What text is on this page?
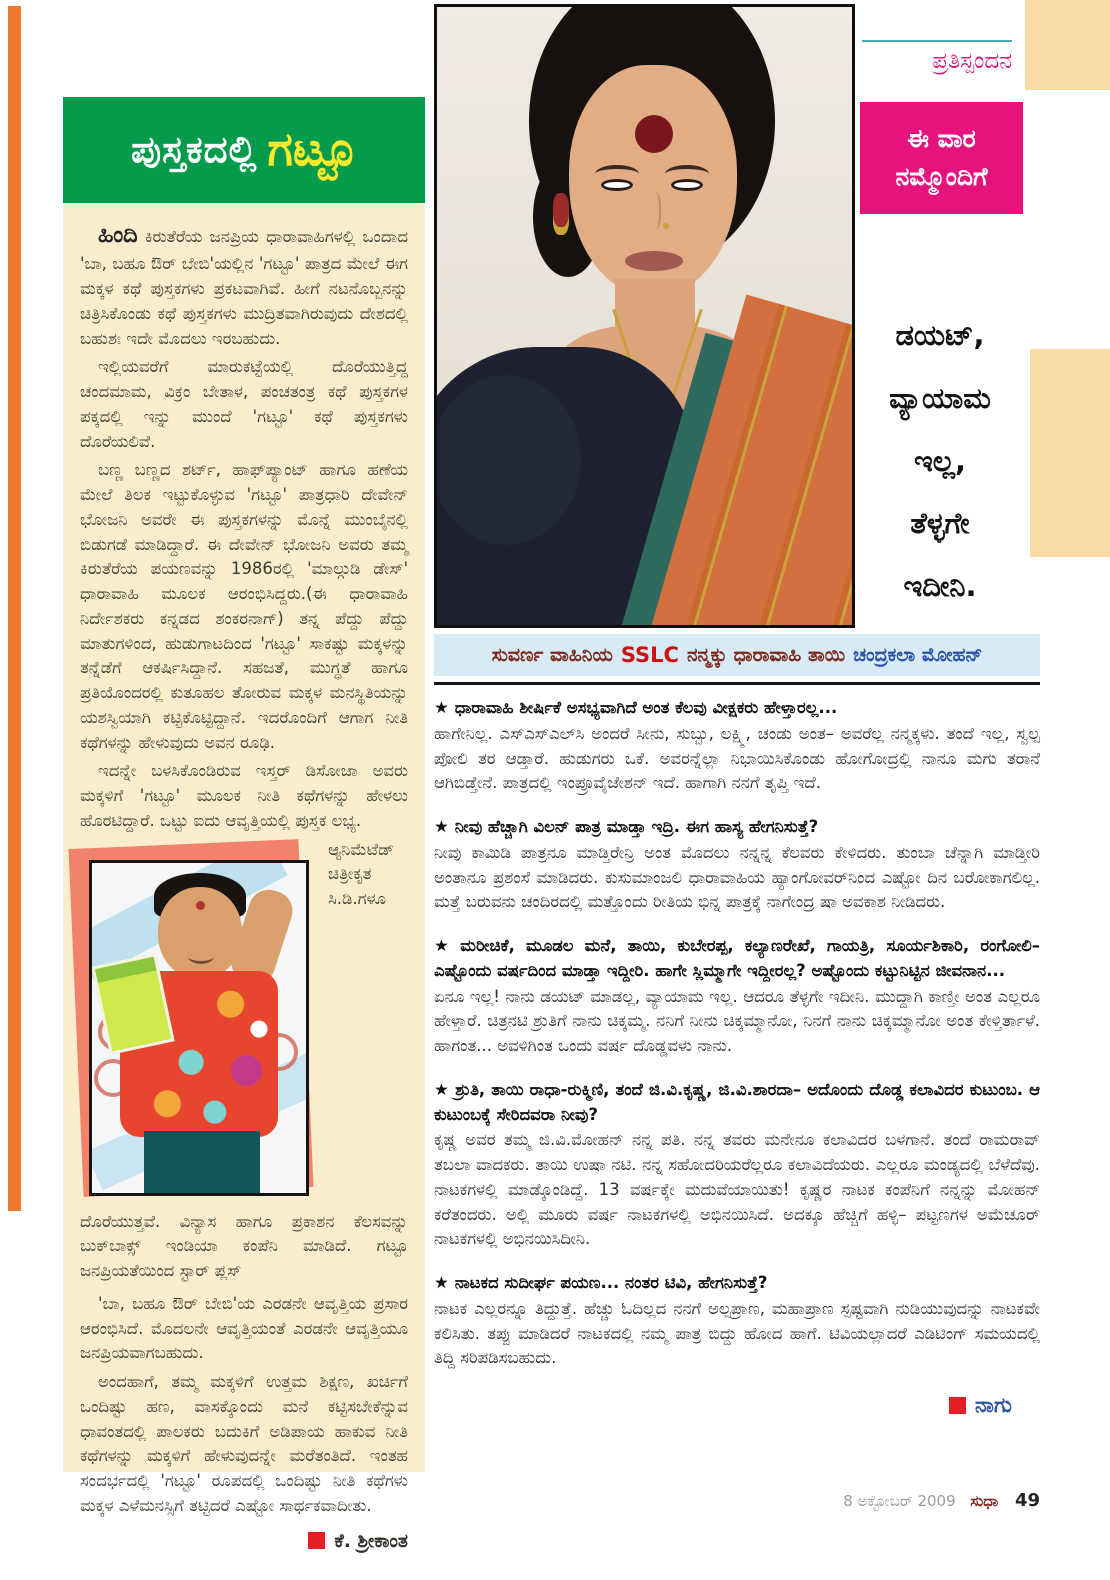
ಪುಸ್ತಕದಲ್ಲಿ ಗಟ್ಟೂ

ಹಿಂದಿ ಕಿರುತೆರೆಯ ಜನಪ್ರಿಯ ಧಾರಾವಾಹಿಗಳಲ್ಲಿ ಒಂದಾದ 'ಬಾ, ಬಹೂ ಔರ್ ಬೇಬಿ'ಯಲ್ಲಿನ 'ಗಟ್ಟೂ' ಪಾತ್ರದ ಮೇಲೆ ಈಗ ಮಕ್ಕಳ ಕಥೆ ಪುಸ್ತಕಗಳು ಪ್ರಕಟವಾಗಿವೆ. ಹೀಗೆ ನಟನೊಬ್ಬನನ್ನು ಚಿತ್ರಿಸಿಕೊಂಡು ಕಥೆ ಪುಸ್ತಕಗಳು ಮುದ್ರಿತವಾಗಿರುವುದು ದೇಶದಲ್ಲಿ ಬಹುಶಃ ಇದೇ ಮೊದಲು ಇರಬಹುದು.

ಇಲ್ಲಿಯವರೆಗೆ ಮಾರುಕಟ್ಟೆಯಲ್ಲಿ ದೊರೆಯುತ್ತಿದ್ದ ಚಂದಮಾಮ, ವಿಕ್ರಂ ಬೇತಾಳ, ಪಂಚತಂತ್ರ ಕಥೆ ಪುಸ್ತಕಗಳ ಪಕ್ಕದಲ್ಲಿ ಇನ್ನು ಮುಂದೆ 'ಗಟ್ಟೂ' ಕಥೆ ಪುಸ್ತಕಗಳು ದೊರೆಯಲಿವೆ.

ಬಣ್ಣ ಬಣ್ಣದ ಶರ್ಟ್, ಹಾಫ್‌ಪ್ಯಾಂಟ್ ಹಾಗೂ ಹಣೆಯ ಮೇಲೆ ತಿಲಕ ಇಟ್ಟುಕೊಳ್ಳುವ 'ಗಟ್ಟೂ' ಪಾತ್ರಧಾರಿ ದೇವೇನ್ ಭೋಜನಿ ಅವರೇ ಈ ಪುಸ್ತಕಗಳನ್ನು ಮೊನ್ನೆ ಮುಂಬೈನಲ್ಲಿ ಬಿಡುಗಡೆ ಮಾಡಿದ್ದಾರೆ. ಈ ದೇವೇನ್ ಭೋಜನಿ ಅವರು ತಮ್ಮ ಕಿರುತೆರೆಯ ಪಯಣವನ್ನು 1986ರಲ್ಲಿ 'ಮಾಲ್ಗುಡಿ ಡೇಸ್' ಧಾರಾವಾಹಿ ಮೂಲಕ ಆರಂಭಿಸಿದ್ದರು.(ಈ ಧಾರಾವಾಹಿ ನಿರ್ದೇಶಕರು ಕನ್ನಡದ ಶಂಕರನಾಗ್) ತನ್ನ ಪೆದ್ದು ಪೆದ್ದು ಮಾತುಗಳಿಂದ, ಹುಡುಗಾಟದಿಂದ 'ಗಟ್ಟೂ' ಸಾಕಷ್ಟು ಮಕ್ಕಳನ್ನು ತನ್ನೆಡೆಗೆ ಆಕರ್ಷಿಸಿದ್ದಾನೆ. ಸಹಜತೆ, ಮುಗ್ಧತೆ ಹಾಗೂ ಪ್ರತಿಯೊಂದರಲ್ಲಿ ಕುತೂಹಲ ತೋರುವ ಮಕ್ಕಳ ಮನಸ್ಥಿತಿಯನ್ನು ಯಶಸ್ವಿಯಾಗಿ ಕಟ್ಟಿಕೊಟ್ಟಿದ್ದಾನೆ. ಇದರೊಂದಿಗೆ ಆಗಾಗ ನೀತಿ ಕಥೆಗಳನ್ನು ಹೇಳುವುದು ಅವನ ರೂಢಿ.

ಇದನ್ನೇ ಬಳಸಿಕೊಂಡಿರುವ ಇಸ್ತರ್ ಡಿಸೋಜಾ ಅವರು ಮಕ್ಕಳಿಗೆ 'ಗಟ್ಟೂ' ಮೂಲಕ ನೀತಿ ಕಥೆಗಳನ್ನು ಹೇಳಲು ಹೊರಟಿದ್ದಾರೆ. ಒಟ್ಟು ಐದು ಆವೃತ್ತಿಯಲ್ಲಿ ಪುಸ್ತಕ ಲಭ್ಯ.

ಆ್ಯನಿಮೆಟೆಡ್ ಚಿತ್ರೀಕೃತ ಸಿ.ಡಿ.ಗಳೂ ದೊರೆಯುತ್ತವೆ. ವಿನ್ಯಾಸ ಹಾಗೂ ಪ್ರಕಾಶನ ಕೆಲಸವನ್ನು ಬುಕ್‌ಬಾಕ್ಸ್ ಇಂಡಿಯಾ ಕಂಪೆನಿ ಮಾಡಿದೆ. ಗಟ್ಟೂ ಜನಪ್ರಿಯತೆಯಿಂದ ಸ್ಟಾರ್ ಪ್ಲಸ್

'ಬಾ, ಬಹೂ ಔರ್ ಬೇಬಿ'ಯ ಎರಡನೇ ಆವೃತ್ತಿಯ ಪ್ರಸಾರ ಆರಂಭಿಸಿದೆ. ಮೊದಲನೇ ಆವೃತ್ತಿಯಂತೆ ಎರಡನೇ ಆವೃತ್ತಿಯೂ ಜನಪ್ರಿಯವಾಗಬಹುದು.

ಅಂದಹಾಗೆ, ತಮ್ಮ ಮಕ್ಕಳಿಗೆ ಉತ್ತಮ ಶಿಕ್ಷಣ, ಖರ್ಚಿಗೆ ಒಂದಿಷ್ಟು ಹಣ, ವಾಸಕ್ಕೊಂದು ಮನೆ ಕಟ್ಟಿಸಬೇಕೆನ್ನುವ ಧಾವಂತದಲ್ಲಿ ಪಾಲಕರು ಬದುಕಿಗೆ ಅಡಿಪಾಯ ಹಾಕುವ ನೀತಿ ಕಥೆಗಳನ್ನು ಮಕ್ಕಳಿಗೆ ಹೇಳುವುದನ್ನೇ ಮರೆತಂತಿದೆ. ಇಂತಹ ಸಂದರ್ಭದಲ್ಲಿ 'ಗಟ್ಟೂ' ರೂಪದಲ್ಲಿ ಒಂದಿಷ್ಟು ನೀತಿ ಕಥೆಗಳು ಮಕ್ಕಳ ಎಳೆಮನಸ್ಸಿಗೆ ತಟ್ಟಿದರೆ ಎಷ್ಟೋ ಸಾರ್ಥಕವಾದೀತು.

ಕೆ. ಶ್ರೀಕಾಂತ
ಸುವರ್ಣ ವಾಹಿನಿಯ SSLC ನನ್ಮಕ್ಕು ಧಾರಾವಾಹಿ ತಾಯಿ ಚಂದ್ರಕಲಾ ಮೋಹನ್
ಪ್ರತಿಸ್ಪಂದನ
ಈ ವಾರ
ನಮ್ಮೊಂದಿಗೆ
ಡಯಟ್,
ವ್ಯಾಯಾಮ
ಇಲ್ಲ,
ತೆಳ್ಳಗೇ
ಇದೀನಿ.
★ ಧಾರಾವಾಹಿ ಶೀರ್ಷಿಕೆ ಅಸಭ್ಯವಾಗಿದೆ ಅಂತ ಕೆಲವು ವೀಕ್ಷಕರು ಹೇಳ್ತಾರಲ್ಲ...
ಹಾಗೇನಿಲ್ಲ. ಎಸ್‌ಎಸ್‌ಎಲ್‌ಸಿ ಅಂದರೆ ಸೀನು, ಸುಬ್ಬು, ಲಕ್ಷ್ಮಿ, ಚಂಡು ಅಂತ– ಅವರೆಲ್ಲ ನನ್ಮಕ್ಕಳು. ತಂದೆ ಇಲ್ಲ, ಸ್ವಲ್ಪ ಪೋಲಿ ತರ ಆಡ್ತಾರೆ. ಹುಡುಗರು ಒಕೆ. ಅವರನ್ನೆಲ್ಲಾ ನಿಭಾಯಿಸಿಕೊಂಡು ಹೋಗೋದ್ರಲ್ಲಿ ನಾನೂ ಮಗು ತರಾನೆ ಆಗಿಬಿಡ್ತೇನೆ. ಪಾತ್ರದಲ್ಲಿ ಇಂಪ್ರೂವೈಜೇಶನ್ ಇದೆ. ಹಾಗಾಗಿ ನನಗೆ ತೃಪ್ತಿ ಇದೆ.
★ ನೀವು ಹೆಚ್ಚಾಗಿ ವಿಲನ್ ಪಾತ್ರ ಮಾಡ್ತಾ ಇದ್ರಿ. ಈಗ ಹಾಸ್ಯ ಹೇಗನಿಸುತ್ತೆ?
ನೀವು ಕಾಮಿಡಿ ಪಾತ್ರನೂ ಮಾಡ್ತಿರೇನ್ರಿ ಅಂತ ಮೊದಲು ನನ್ನನ್ನ ಕೆಲವರು ಕೇಳಿದರು. ತುಂಬಾ ಚೆನ್ನಾಗಿ ಮಾಡ್ತೀರಿ ಅಂತಾನೂ ಪ್ರಶಂಸೆ ಮಾಡಿದರು. ಕುಸುಮಾಂಜಲಿ ಧಾರಾವಾಹಿಯ ಹ್ಯಾಂಗೋವರ್‌ನಿಂದ ಎಷ್ಟೋ ದಿನ ಬರೋಕಾಗಲಿಲ್ಲ. ಮತ್ತೆ ಬರುವನು ಚಂದಿರದಲ್ಲಿ ಮತ್ತೊಂದು ರೀತಿಯ ಭಿನ್ನ ಪಾತ್ರಕ್ಕೆ ನಾಗೇಂದ್ರ ಷಾ ಅವಕಾಶ ನೀಡಿದರು.
★ ಮರೀಚಿಕೆ, ಮೂಡಲ ಮನೆ, ತಾಯಿ, ಕುಬೇರಪ್ಪ, ಕಲ್ಯಾಣರೇಖೆ, ಗಾಯತ್ರಿ, ಸೂರ್ಯಶಿಕಾರಿ, ರಂಗೋಲಿ– ಎಷ್ಟೊಂದು ವರ್ಷದಿಂದ ಮಾಡ್ತಾ ಇದ್ದೀರಿ. ಹಾಗೇ ಸ್ಲಿಮ್ಮಾಗೇ ಇದ್ದೀರಲ್ಲ? ಅಷ್ಟೊಂದು ಕಟ್ಟುನಿಟ್ಟಿನ ಜೀವನಾನ...
ಏನೂ ಇಲ್ಲ! ನಾನು ಡಯಟ್ ಮಾಡಲ್ಲ, ವ್ಯಾಯಾಮ ಇಲ್ಲ. ಆದರೂ ತೆಳ್ಳಗೇ ಇದೀನಿ. ಮುದ್ದಾಗಿ ಕಾಣ್ತೀ ಅಂತ ಎಲ್ಲರೂ ಹೇಳ್ತಾರೆ. ಚಿತ್ರನಟಿ ಶ್ರುತಿಗೆ ನಾನು ಚಿಕ್ಕಮ್ಮ. ನನಿಗೆ ನೀನು ಚಿಕ್ಕಮ್ಮಾನೋ, ನಿನಗೆ ನಾನು ಚಿಕ್ಕಮ್ಮಾನೋ ಅಂತ ಕೇಳ್ತಿರ್ತಾಳೆ. ಹಾಗಂತ... ಅವಳಿಗಿಂತ ಒಂದು ವರ್ಷ ದೊಡ್ಡವಳು ನಾನು.
★ ಶ್ರುತಿ, ತಾಯಿ ರಾಧಾ-ರುಕ್ಮಿಣಿ, ತಂದೆ ಜಿ.ವಿ.ಕೃಷ್ಣ, ಜಿ.ವಿ.ಶಾರದಾ– ಅದೊಂದು ದೊಡ್ಡ ಕಲಾವಿದರ ಕುಟುಂಬ. ಆ ಕುಟುಂಬಕ್ಕೆ ಸೇರಿದವರಾ ನೀವು?
ಕೃಷ್ಣ ಅವರ ತಮ್ಮ ಜಿ.ವಿ.ಮೋಹನ್ ನನ್ನ ಪತಿ. ನನ್ನ ತವರು ಮನೇನೂ ಕಲಾವಿದರ ಬಳಗಾನೆ. ತಂದೆ ರಾಮರಾವ್ ತಬಲಾ ವಾದಕರು. ತಾಯಿ ಉಷಾ ನಟಿ. ನನ್ನ ಸಹೋದರಿಯರೆಲ್ಲರೂ ಕಲಾವಿದೆಯರು. ಎಲ್ಲರೂ ಮಂಡ್ಯದಲ್ಲಿ ಬೆಳೆದೆವು. ನಾಟಕಗಳಲ್ಲಿ ಮಾಡ್ಕೊಂಡಿದ್ದೆ. 13 ವರ್ಷಕ್ಕೇ ಮದುವೆಯಾಯಿತು! ಕೃಷ್ಣರ ನಾಟಕ ಕಂಪೆನಿಗೆ ನನ್ನನ್ನು ಮೋಹನ್ ಕರೆತಂದರು. ಅಲ್ಲಿ ಮೂರು ವರ್ಷ ನಾಟಕಗಳಲ್ಲಿ ಅಭಿನಯಿಸಿದೆ. ಅದಕ್ಕೂ ಹೆಚ್ಚಿಗೆ ಹಳ್ಳಿ– ಪಟ್ಟಣಗಳ ಅಮೆಚೂರ್ ನಾಟಕಗಳಲ್ಲಿ ಅಭಿನಯಿಸಿದೀನಿ.
★ ನಾಟಕದ ಸುದೀರ್ಘ ಪಯಣ... ನಂತರ ಟಿವಿ, ಹೇಗನಿಸುತ್ತೆ?
ನಾಟಕ ಎಲ್ಲರನ್ನೂ ತಿದ್ದುತ್ತೆ. ಹೆಚ್ಚು ಓದಿಲ್ಲದ ನನಗೆ ಅಲ್ಪಪ್ರಾಣ, ಮಹಾಪ್ರಾಣ ಸ್ಪಷ್ಟವಾಗಿ ನುಡಿಯುವುದನ್ನು ನಾಟಕವೇ ಕಲಿಸಿತು. ತಪ್ಪು ಮಾಡಿದರೆ ನಾಟಕದಲ್ಲಿ ನಮ್ಮ ಪಾತ್ರ ಬಿದ್ದು ಹೋದ ಹಾಗೆ. ಟಿವಿಯಲ್ಲಾದರೆ ಎಡಿಟಿಂಗ್ ಸಮಯದಲ್ಲಿ ತಿದ್ದಿ ಸರಿಪಡಿಸಬಹುದು.
ನಾಗು
8 ಅಕ್ಟೋಬರ್ 2009 ಸುಧಾ 49
